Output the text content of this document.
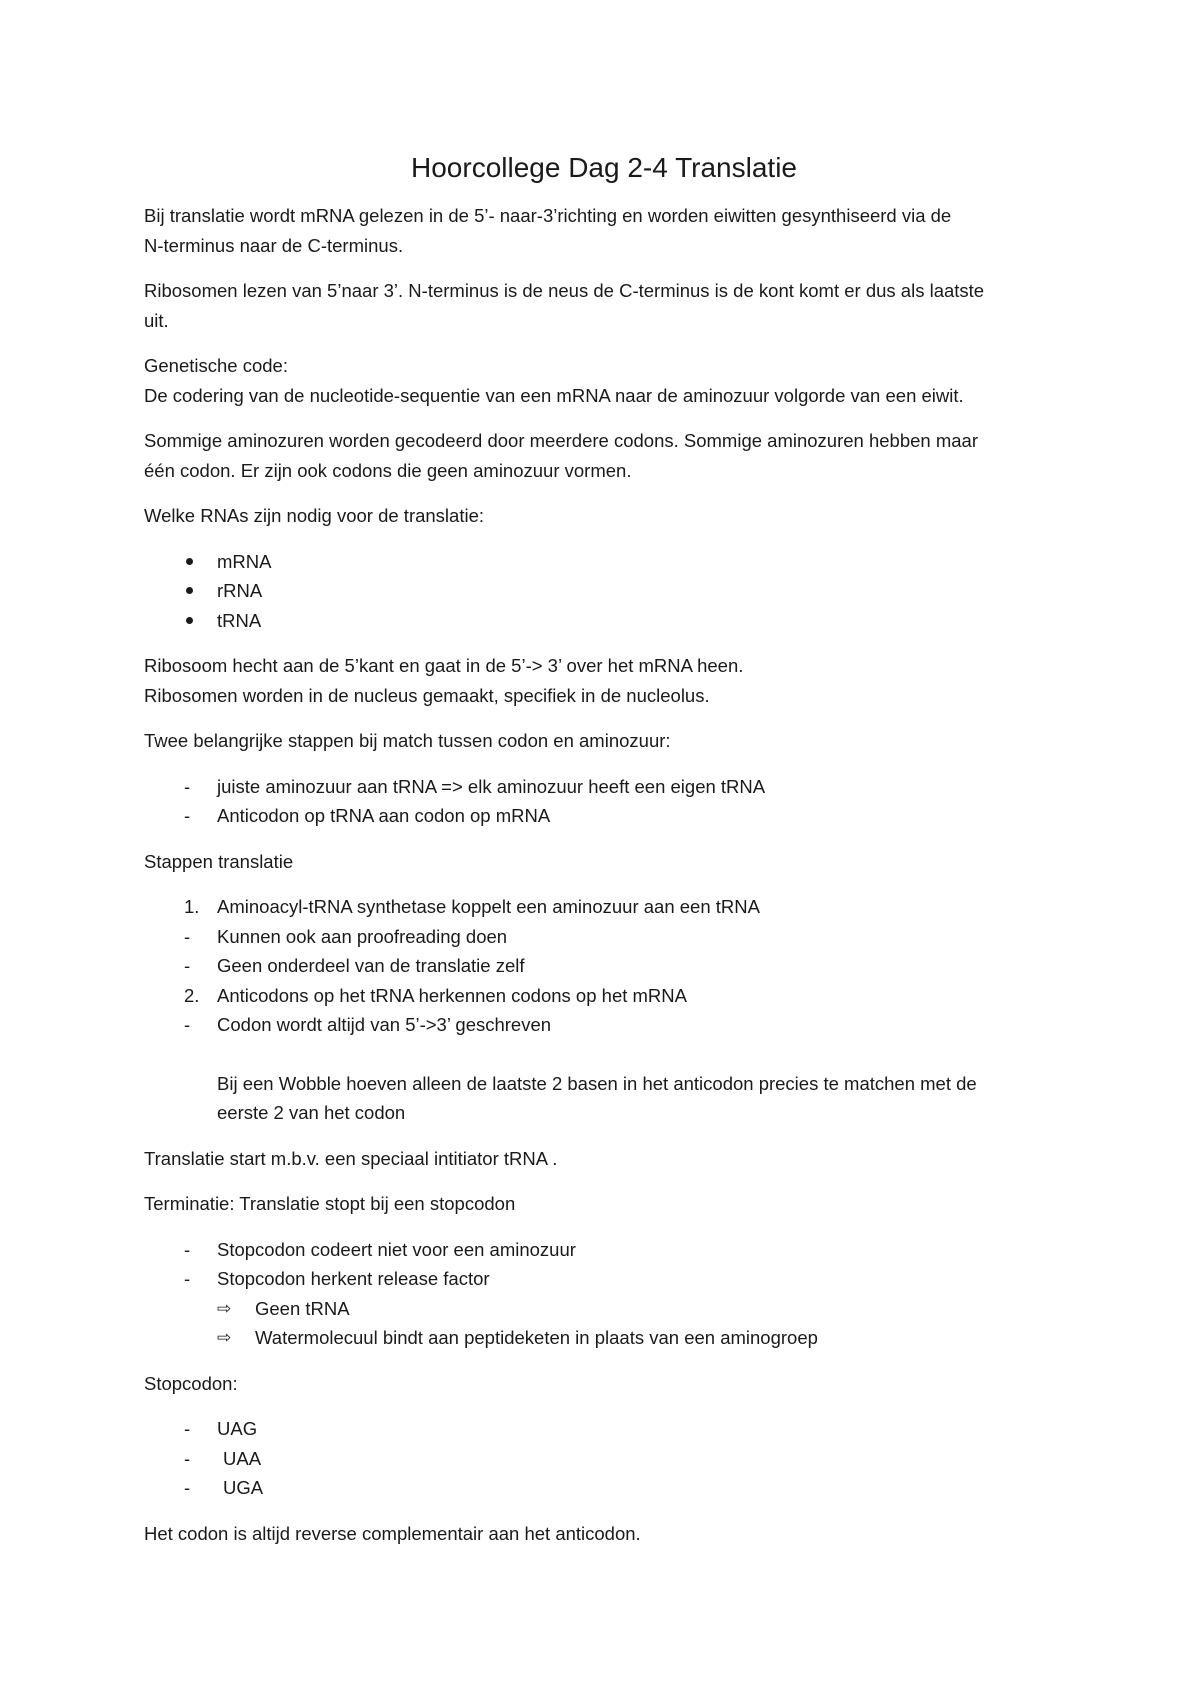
Hoorcollege Dag 2-4 Translatie

Bij translatie wordt mRNA gelezen in de 5’- naar-3’richting en worden eiwitten gesynthiseerd via de
N-terminus naar de C-terminus.

Ribosomen lezen van 5’naar 3’. N-terminus is de neus de C-terminus is de kont komt er dus als laatste
uit.

Genetische code:
De codering van de nucleotide-sequentie van een mRNA naar de aminozuur volgorde van een eiwit.

Sommige aminozuren worden gecodeerd door meerdere codons. Sommige aminozuren hebben maar
één codon. Er zijn ook codons die geen aminozuur vormen.

Welke RNAs zijn nodig voor de translatie:

mRNA
rRNA
tRNA

Ribosoom hecht aan de 5’kant en gaat in de 5’-> 3’ over het mRNA heen.
Ribosomen worden in de nucleus gemaakt, specifiek in de nucleolus.

Twee belangrijke stappen bij match tussen codon en aminozuur:

- juiste aminozuur aan tRNA => elk aminozuur heeft een eigen tRNA
- Anticodon op tRNA aan codon op mRNA

Stappen translatie

1. Aminoacyl-tRNA synthetase koppelt een aminozuur aan een tRNA
- Kunnen ook aan proofreading doen
- Geen onderdeel van de translatie zelf
2. Anticodons op het tRNA herkennen codons op het mRNA
- Codon wordt altijd van 5’->3’ geschreven
Bij een Wobble hoeven alleen de laatste 2 basen in het anticodon precies te matchen met de
eerste 2 van het codon

Translatie start m.b.v. een speciaal intitiator tRNA .

Terminatie: Translatie stopt bij een stopcodon

- Stopcodon codeert niet voor een aminozuur
- Stopcodon herkent release factor
⇨ Geen tRNA
⇨ Watermolecuul bindt aan peptideketen in plaats van een aminogroep

Stopcodon:

- UAG
- UAA
- UGA

Het codon is altijd reverse complementair aan het anticodon.
